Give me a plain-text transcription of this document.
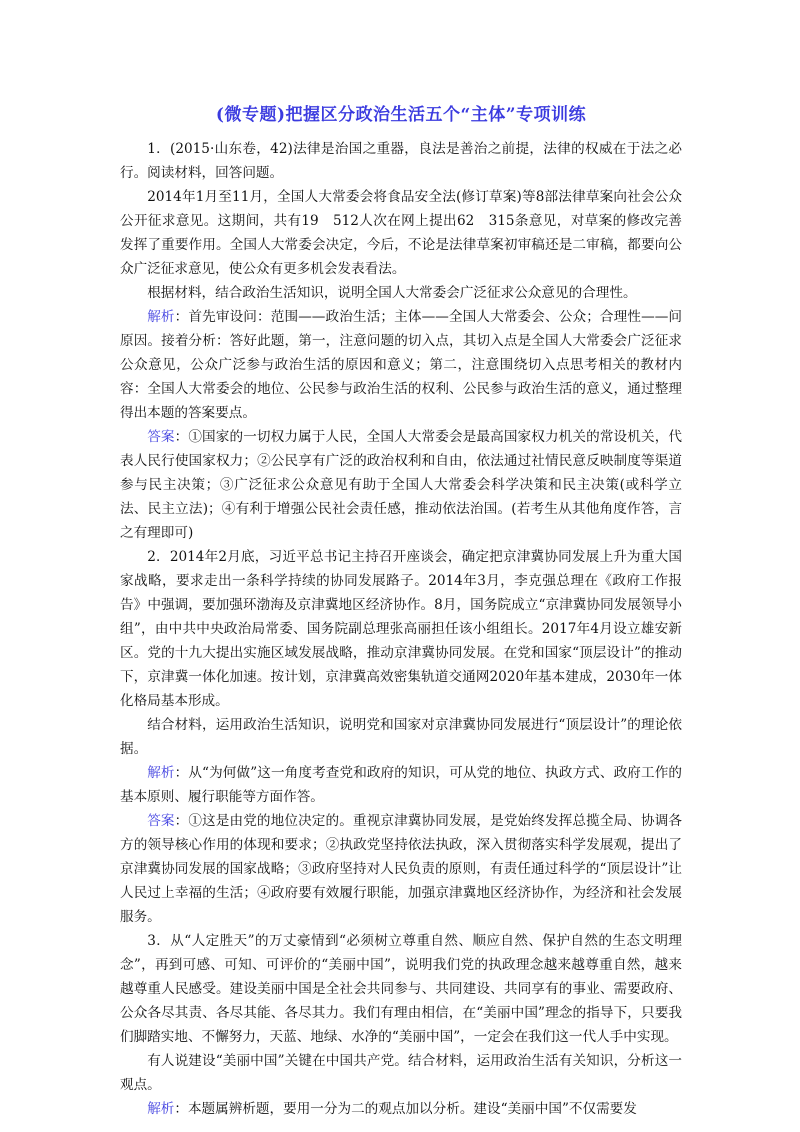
(微专题)把握区分政治生活五个“主体”专项训练

1．(2015·山东卷，42)法律是治国之重器，良法是善治之前提，法律的权威在于法之必行。阅读材料，回答问题。

2014年1月至11月，全国人大常委会将食品安全法(修订草案)等8部法律草案向社会公众公开征求意见。这期间，共有19　512人次在网上提出62　315条意见，对草案的修改完善发挥了重要作用。全国人大常委会决定，今后，不论是法律草案初审稿还是二审稿，都要向公众广泛征求意见，使公众有更多机会发表看法。

根据材料，结合政治生活知识，说明全国人大常委会广泛征求公众意见的合理性。

解析：首先审设问：范围——政治生活；主体——全国人大常委会、公众；合理性——问原因。接着分析：答好此题，第一，注意问题的切入点，其切入点是全国人大常委会广泛征求公众意见，公众广泛参与政治生活的原因和意义；第二，注意围绕切入点思考相关的教材内容：全国人大常委会的地位、公民参与政治生活的权利、公民参与政治生活的意义，通过整理得出本题的答案要点。

答案：①国家的一切权力属于人民，全国人大常委会是最高国家权力机关的常设机关，代表人民行使国家权力；②公民享有广泛的政治权利和自由，依法通过社情民意反映制度等渠道参与民主决策；③广泛征求公众意见有助于全国人大常委会科学决策和民主决策(或科学立法、民主立法)；④有利于增强公民社会责任感，推动依法治国。(若考生从其他角度作答，言之有理即可)

2．2014年2月底，习近平总书记主持召开座谈会，确定把京津冀协同发展上升为重大国家战略，要求走出一条科学持续的协同发展路子。2014年3月，李克强总理在《政府工作报告》中强调，要加强环渤海及京津冀地区经济协作。8月，国务院成立“京津冀协同发展领导小组”，由中共中央政治局常委、国务院副总理张高丽担任该小组组长。2017年4月设立雄安新区。党的十九大提出实施区域发展战略，推动京津冀协同发展。在党和国家“顶层设计”的推动下，京津冀一体化加速。按计划，京津冀高效密集轨道交通网2020年基本建成，2030年一体化格局基本形成。

结合材料，运用政治生活知识，说明党和国家对京津冀协同发展进行“顶层设计”的理论依据。

解析：从“为何做”这一角度考查党和政府的知识，可从党的地位、执政方式、政府工作的基本原则、履行职能等方面作答。

答案：①这是由党的地位决定的。重视京津冀协同发展，是党始终发挥总揽全局、协调各方的领导核心作用的体现和要求；②执政党坚持依法执政，深入贯彻落实科学发展观，提出了京津冀协同发展的国家战略；③政府坚持对人民负责的原则，有责任通过科学的“顶层设计”让人民过上幸福的生活；④政府要有效履行职能，加强京津冀地区经济协作，为经济和社会发展服务。

3．从“人定胜天”的万丈豪情到“必须树立尊重自然、顺应自然、保护自然的生态文明理念”，再到可感、可知、可评价的“美丽中国”，说明我们党的执政理念越来越尊重自然，越来越尊重人民感受。建设美丽中国是全社会共同参与、共同建设、共同享有的事业、需要政府、公众各尽其责、各尽其能、各尽其力。我们有理由相信，在“美丽中国”理念的指导下，只要我们脚踏实地、不懈努力，天蓝、地绿、水净的“美丽中国”，一定会在我们这一代人手中实现。

有人说建设“美丽中国”关键在中国共产党。结合材料，运用政治生活有关知识，分析这一观点。

解析：本题属辨析题，要用一分为二的观点加以分析。建设“美丽中国”不仅需要发
